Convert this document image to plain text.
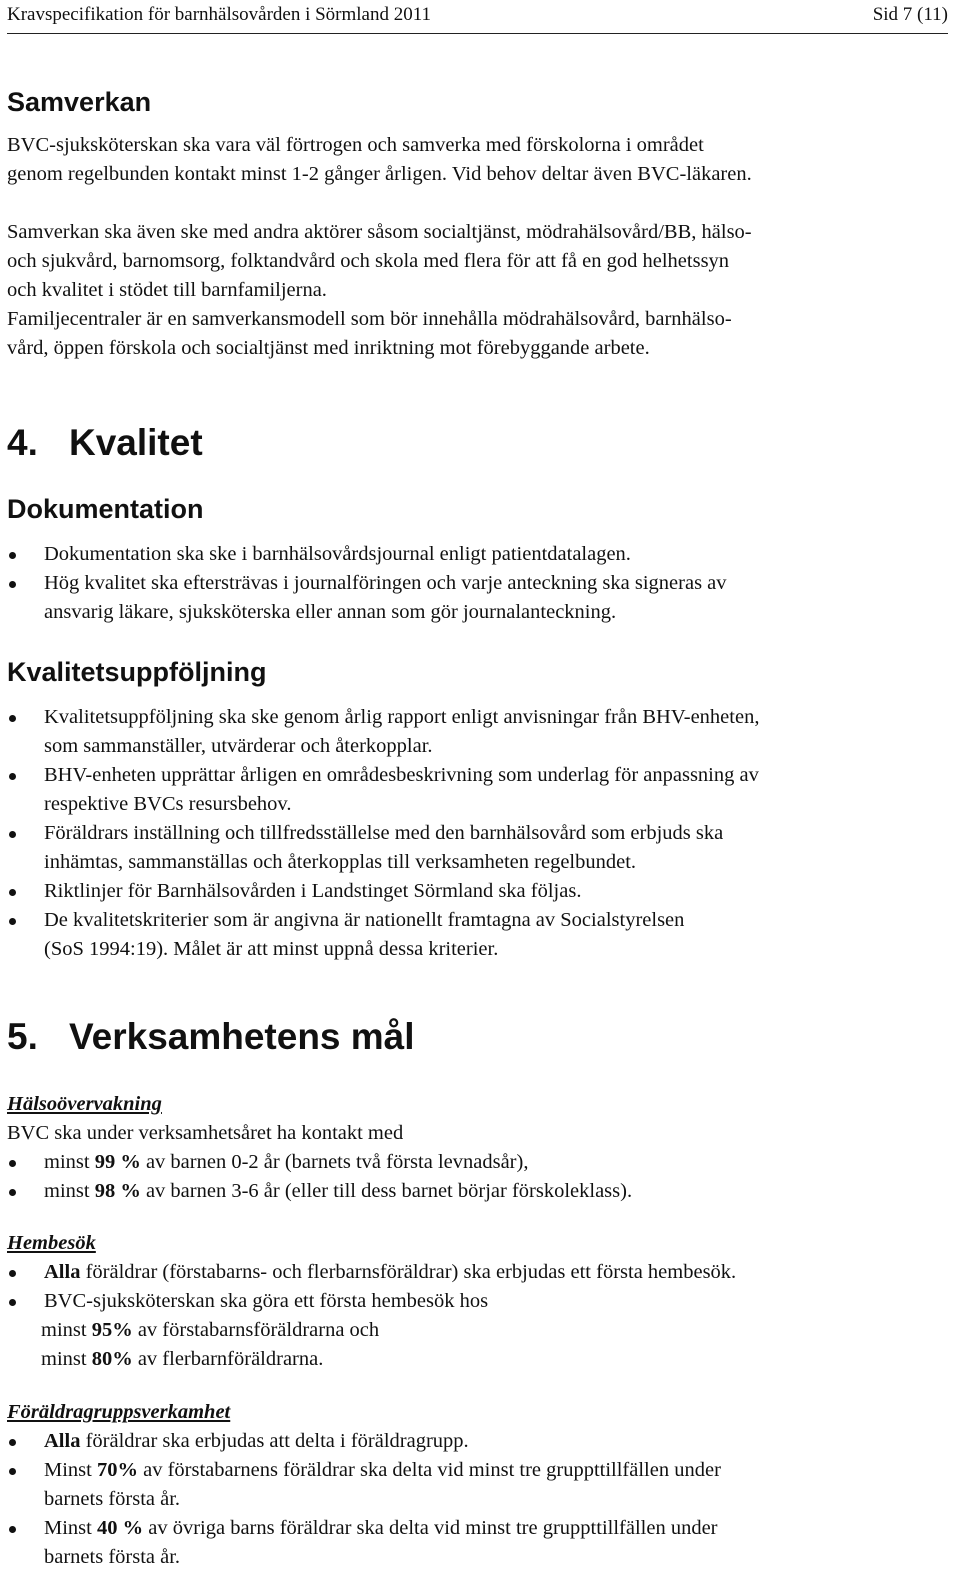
Kravspecifikation för barnhälsovården i Sörmland 2011	Sid 7 (11)
Samverkan
BVC-sjuksköterskan ska vara väl förtrogen och samverka med förskolorna i området
genom regelbunden kontakt minst 1-2 gånger årligen. Vid behov deltar även BVC-läkaren.
Samverkan ska även ske med andra aktörer såsom socialtjänst, mödrahälsovård/BB, hälso-
och sjukvård, barnomsorg, folktandvård och skola med flera för att få en god helhetssyn
och kvalitet i stödet till barnfamiljerna.
Familjecentraler är en samverkansmodell som bör innehålla mödrahälsovård, barnhälso-
vård, öppen förskola och socialtjänst med inriktning mot förebyggande arbete.
4. Kvalitet
Dokumentation
Dokumentation ska ske i barnhälsovårdsjournal enligt patientdatalagen.
Hög kvalitet ska eftersträvas i journalföringen och varje anteckning ska signeras av
ansvarig läkare, sjuksköterska eller annan som gör journalanteckning.
Kvalitetsuppföljning
Kvalitetsuppföljning ska ske genom årlig rapport enligt anvisningar från BHV-enheten,
som sammanställer, utvärderar och återkopplar.
BHV-enheten upprättar årligen en områdesbeskrivning som underlag för anpassning av
respektive BVCs resursbehov.
Föräldrars inställning och tillfredsställelse med den barnhälsovård som erbjuds ska
inhämtas, sammanställas och återkopplas till verksamheten regelbundet.
Riktlinjer för Barnhälsovården i Landstinget Sörmland ska följas.
De kvalitetskriterier som är angivna är nationellt framtagna av Socialstyrelsen
(SoS 1994:19). Målet är att minst uppnå dessa kriterier.
5. Verksamhetens mål
Hälsoövervakning
BVC ska under verksamhetsåret ha kontakt med
minst 99 % av barnen 0-2 år (barnets två första levnadsår),
minst 98 % av barnen 3-6 år (eller till dess barnet börjar förskoleklass).
Hembesök
Alla föräldrar (förstabarns- och flerbarnsföräldrar) ska erbjudas ett första hembesök.
BVC-sjuksköterskan ska göra ett första hembesök hos
minst 95% av förstabarnsföräldrarna och
minst 80% av flerbarnföräldrarna.
Föräldragruppsverkamhet
Alla föräldrar ska erbjudas att delta i föräldragrupp.
Minst 70% av förstabarnens föräldrar ska delta vid minst tre gruppttillfällen under
barnets första år.
Minst 40 % av övriga barns föräldrar ska delta vid minst tre gruppttillfällen under
barnets första år.
